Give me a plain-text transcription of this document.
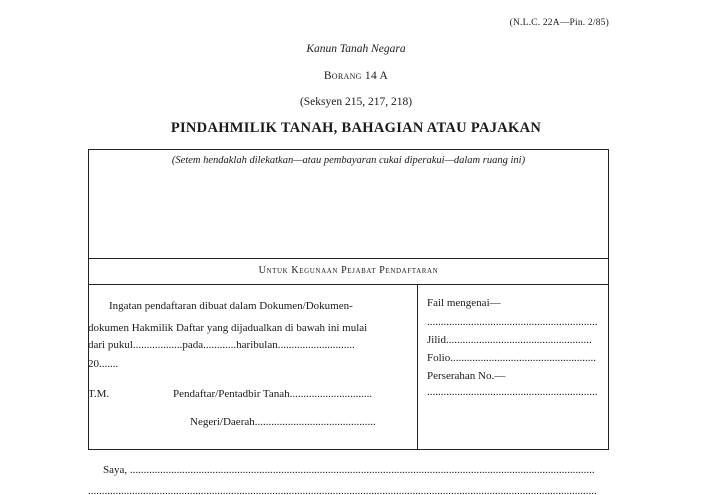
(N.L.C. 22A—Pin. 2/85)
Kanun Tanah Negara
Borang 14 A
(Seksyen 215, 217, 218)
PINDAHMILIK TANAH, BAHAGIAN ATAU PAJAKAN
(Setem hendaklah dilekatkan—atau pembayaran cukai diperakui—dalam ruang ini)
Untuk Kegunaan Pejabat Pendaftaran
Ingatan pendaftaran dibuat dalam Dokumen/Dokumen-
dokumen Hakmilik Daftar yang dijadualkan di bawah ini mulai
dari pukul..................pada............haribulan............................
20.......
T.M.	Pendaftar/Pentadbir Tanah..............................
Negeri/Daerah............................................
Fail mengenai—
..............................................................
Jilid.....................................................
Folio.....................................................
Perserahan No.—
..............................................................
Saya, .........................................................................................................................................................................
.........................................................................................................................................................................................
